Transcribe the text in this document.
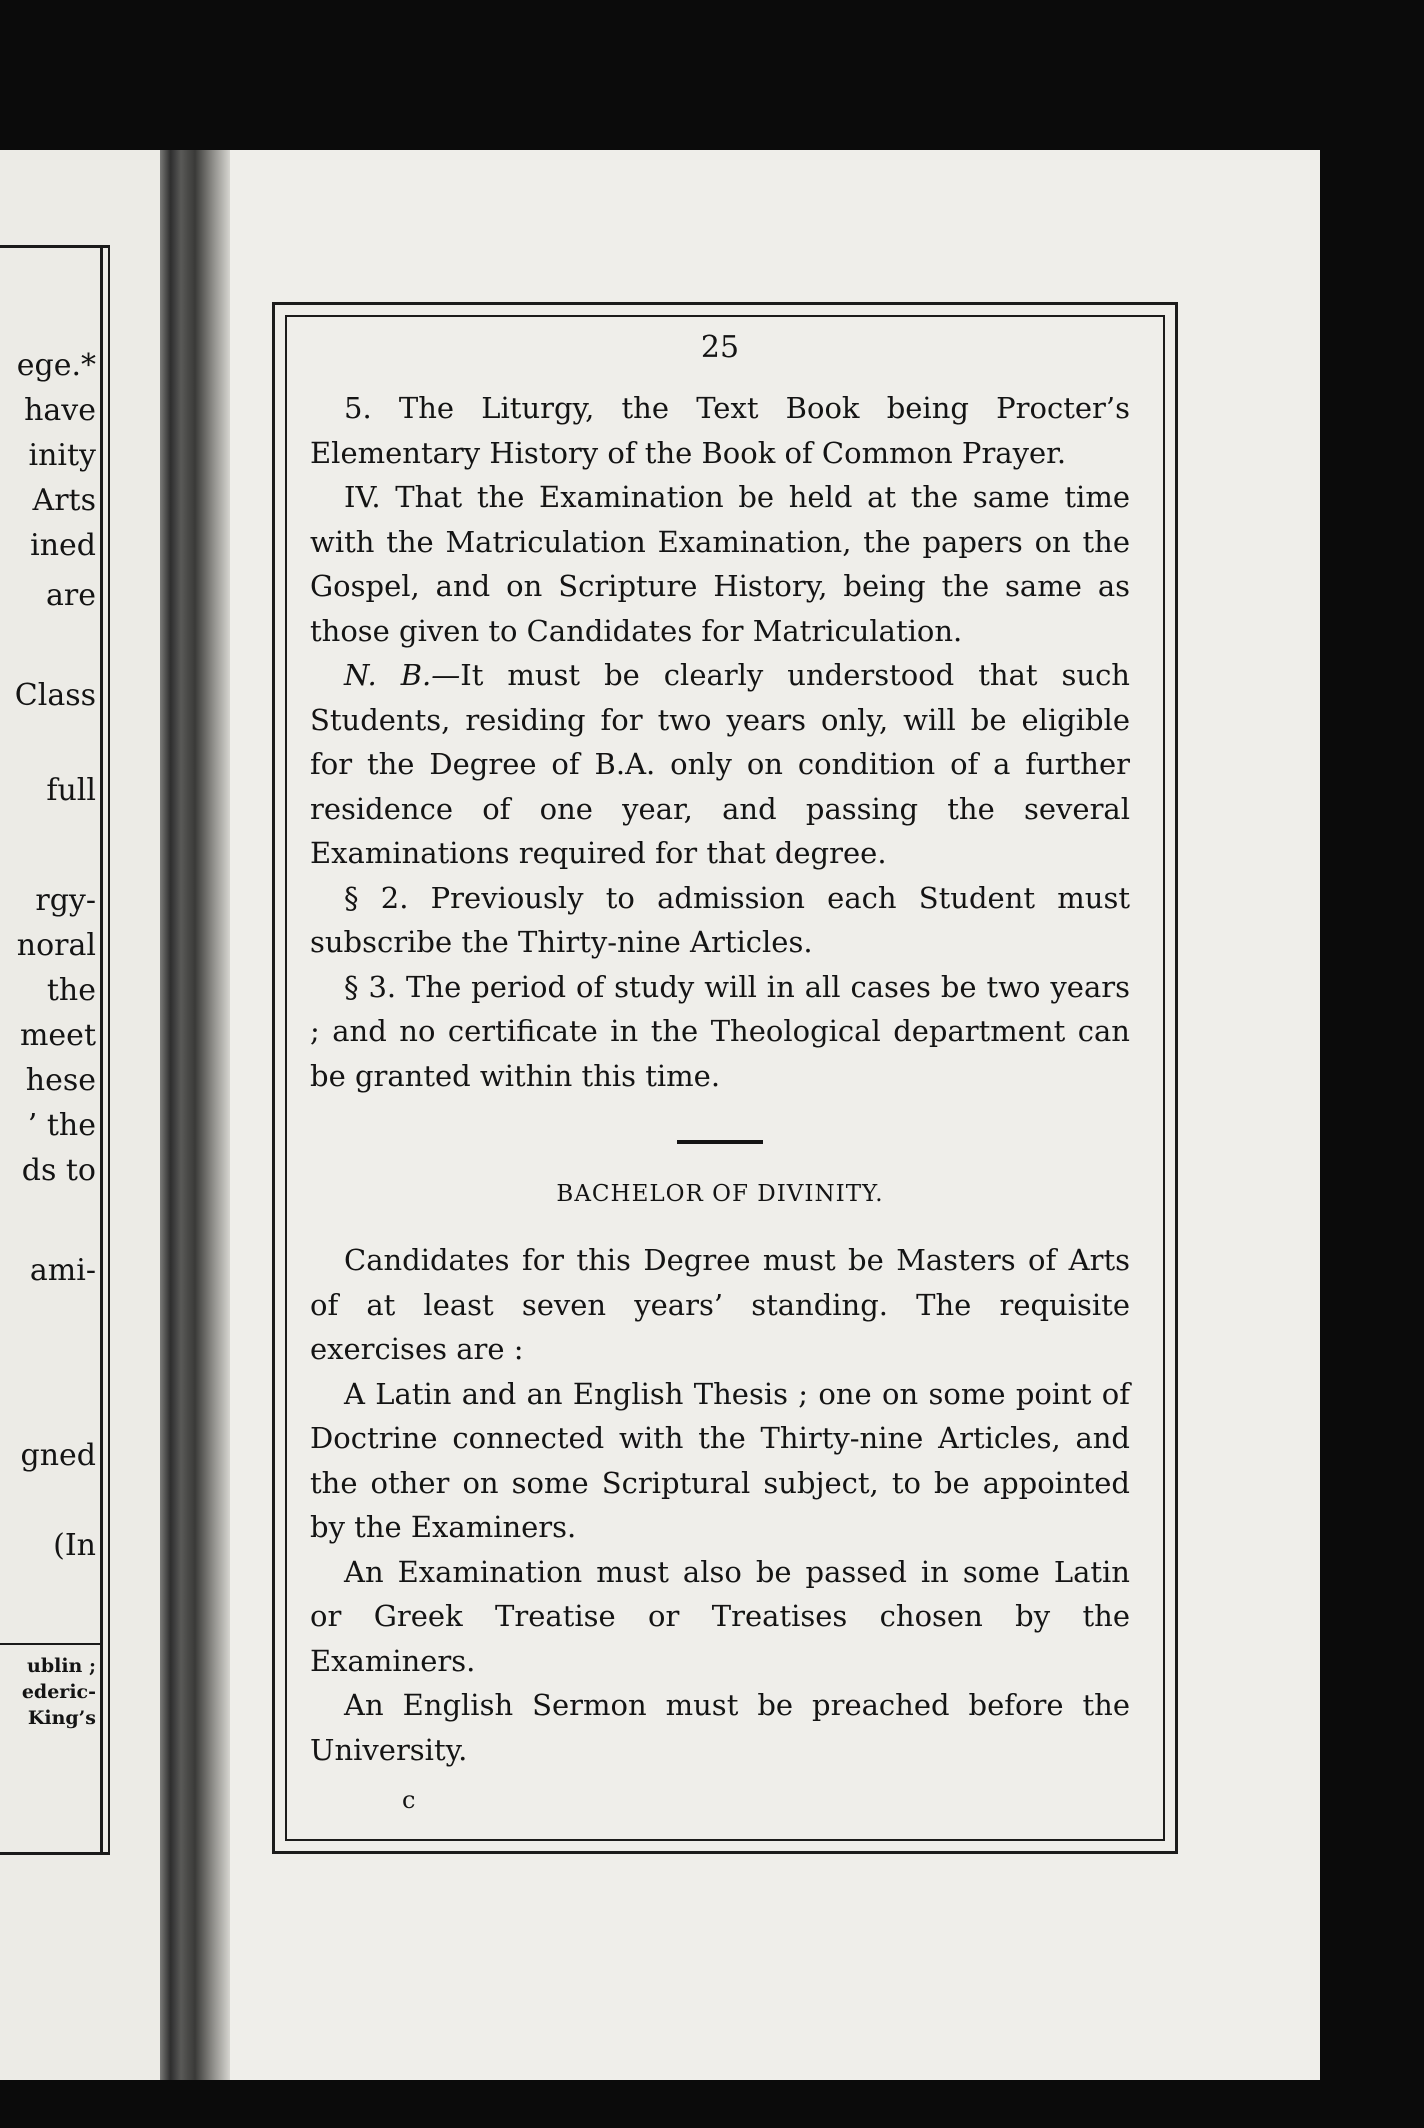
ege.*
have
inity
Arts
ined
are
Class
full
rgy-
noral
the
meet
hese
’ the
ds to
ami-
gned
(In
ublin ;
ederic-
King’s
25

5. The Liturgy, the Text Book being Procter’s Elementary History of the Book of Common Prayer.

IV. That the Examination be held at the same time with the Matriculation Examination, the papers on the Gospel, and on Scripture History, being the same as those given to Candidates for Matriculation.

N. B.—It must be clearly understood that such Students, residing for two years only, will be eligible for the Degree of B.A. only on condition of a further residence of one year, and passing the several Examinations required for that degree.

§ 2. Previously to admission each Student must subscribe the Thirty-nine Articles.

§ 3. The period of study will in all cases be two years ; and no certificate in the Theological department can be granted within this time.

BACHELOR OF DIVINITY.

Candidates for this Degree must be Masters of Arts of at least seven years’ standing. The requisite exercises are :

A Latin and an English Thesis ; one on some point of Doctrine connected with the Thirty-nine Articles, and the other on some Scriptural subject, to be appointed by the Examiners.

An Examination must also be passed in some Latin or Greek Treatise or Treatises chosen by the Examiners.

An English Sermon must be preached before the University.

c
